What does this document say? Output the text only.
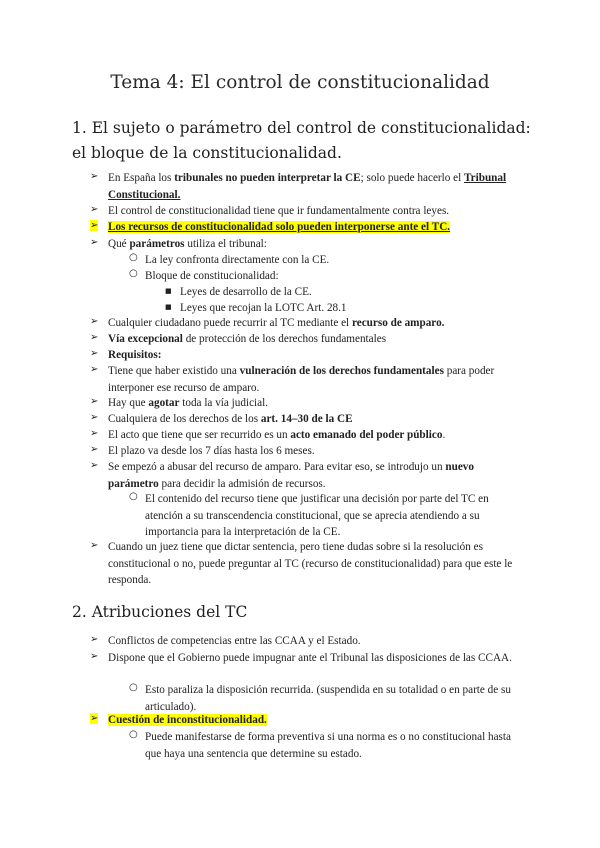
Tema 4: El control de constitucionalidad
1. El sujeto o parámetro del control de constitucionalidad: el bloque de la constitucionalidad.
➢ En España los tribunales no pueden interpretar la CE; solo puede hacerlo el Tribunal Constitucional.
➢ El control de constitucionalidad tiene que ir fundamentalmente contra leyes.
➢ Los recursos de constitucionalidad solo pueden interponerse ante el TC.
➢ Qué parámetros utiliza el tribunal:
○ La ley confronta directamente con la CE.
○ Bloque de constitucionalidad:
■ Leyes de desarrollo de la CE.
■ Leyes que recojan la LOTC Art. 28.1
➢ Cualquier ciudadano puede recurrir al TC mediante el recurso de amparo.
➢ Vía excepcional de protección de los derechos fundamentales
➢ Requisitos:
➢ Tiene que haber existido una vulneración de los derechos fundamentales para poder interponer ese recurso de amparo.
➢ Hay que agotar toda la vía judicial.
➢ Cualquiera de los derechos de los art. 14–30 de la CE
➢ El acto que tiene que ser recurrido es un acto emanado del poder público.
➢ El plazo va desde los 7 días hasta los 6 meses.
➢ Se empezó a abusar del recurso de amparo. Para evitar eso, se introdujo un nuevo parámetro para decidir la admisión de recursos.
○ El contenido del recurso tiene que justificar una decisión por parte del TC en atención a su transcendencia constitucional, que se aprecia atendiendo a su importancia para la interpretación de la CE.
➢ Cuando un juez tiene que dictar sentencia, pero tiene dudas sobre si la resolución es constitucional o no, puede preguntar al TC (recurso de constitucionalidad) para que este le responda.
2. Atribuciones del TC
➢ Conflictos de competencias entre las CCAA y el Estado.
➢ Dispone que el Gobierno puede impugnar ante el Tribunal las disposiciones de las CCAA.
○ Esto paraliza la disposición recurrida. (suspendida en su totalidad o en parte de su articulado).
➢ Cuestión de inconstitucionalidad.
○ Puede manifestarse de forma preventiva si una norma es o no constitucional hasta que haya una sentencia que determine su estado.
